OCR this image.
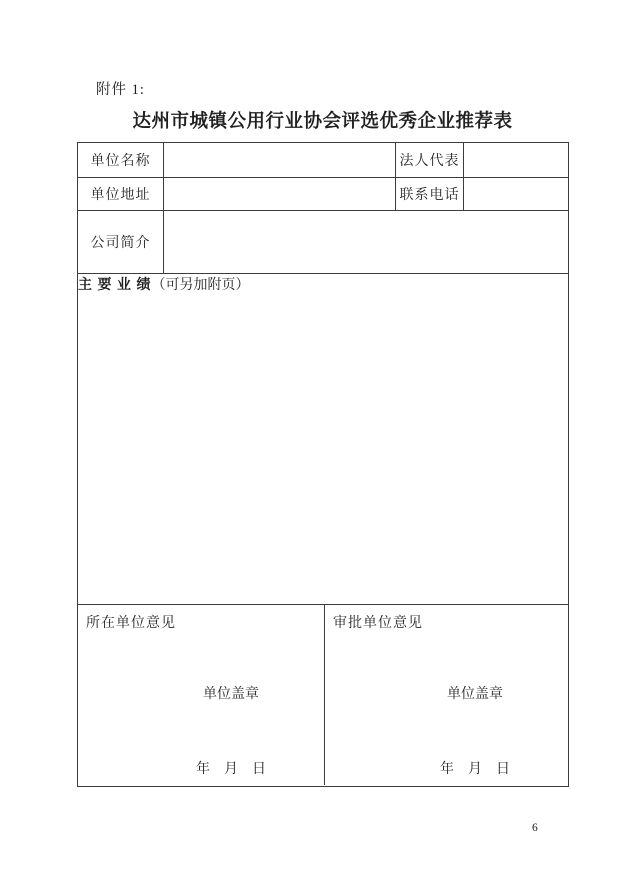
附件 1:
达州市城镇公用行业协会评选优秀企业推荐表
单位名称		法人代表	
单位地址		联系电话	
公司简介			
主 要 业 绩（可另加附页）			

所在单位意见

单位盖章

年　月　日

审批单位意见

单位盖章

年　月　日

6
